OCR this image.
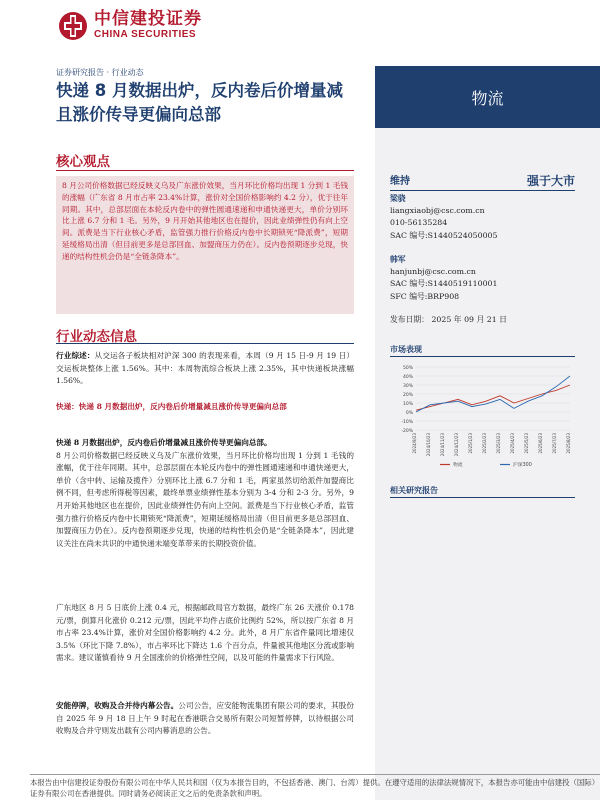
中信建投证券
CHINA SECURITIES
证券研究报告 · 行业动态
快递 8 月数据出炉，反内卷后价增量减且涨价传导更偏向总部
物流
核心观点
8 月公司价格数据已经反映义乌及广东涨价效果，当月环比价格均出现 1 分到 1 毛钱的涨幅（广东省 8 月市占率 23.4%计算，涨价对全国价格影响约 4.2 分），优于往年同期。其中，总部层面在本轮反内卷中的弹性圆通速递和申通快递更大，单价分别环比上涨 6.7 分和 1 毛。另外，9 月开始其他地区也在提价，因此业绩弹性仍有向上空间。派费是当下行业核心矛盾，监管强力推行价格反内卷中长期锁死“降派费”，短期延缓格局出清（但目前更多是总部回血、加盟商压力仍在）。反内卷预期逐步兑现，快递的结构性机会仍是“全链条降本”。
行业动态信息
行业综述：从交运各子板块相对沪深 300 的表现来看，本周（9 月 15 日-9 月 19 日）交运板块整体上涨 1.56%。其中：本周物流综合板块上涨 2.35%，其中快递板块涨幅 1.56%。
快递：快递 8 月数据出炉，反内卷后价增量减且涨价传导更偏向总部
快递 8 月数据出炉，反内卷后价增量减且涨价传导更偏向总部。
8 月公司价格数据已经反映义乌及广东涨价效果，当月环比价格均出现 1 分到 1 毛钱的涨幅，优于往年同期。其中，总部层面在本轮反内卷中的弹性圆通速递和申通快递更大，单价（含中转、运输及揽件）分别环比上涨 6.7 分和 1 毛，两家虽然切给派件加盟商比例不同，但考虑所得税等因素，最终单票业绩弹性基本分别为 3-4 分和 2-3 分。另外，9 月开始其他地区也在提价，因此业绩弹性仍有向上空间。派费是当下行业核心矛盾，监管强力推行价格反内卷中长期锁死“降派费”，短期延缓格局出清（但目前更多是总部回血、加盟商压力仍在）。反内卷预期逐步兑现，快递的结构性机会仍是“全链条降本”，因此建议关注在尚未共识的中通快递未端变革带来的长期投资价值。
广东地区 8 月 5 日底价上涨 0.4 元，根据邮政局官方数据，最终广东 26 天涨价 0.178 元/票，倒算月化涨价 0.212 元/票，因此平均件占底价比例约 52%，所以按广东省 8 月市占率 23.4%计算，涨价对全国价格影响约 4.2 分。此外，8 月广东省件量同比增速仅 3.5%（环比下降 7.8%），市占率环比下降达 1.6 个百分点，件量被其他地区分流或影响需求。建议谨慎看待 9 月全国涨价的价格弹性空间，以及可能的件量需求下行风险。
安能停牌，收购及合并待内幕公告。公司公告，应安能物流集团有限公司的要求，其股份自 2025 年 9 月 18 日上午 9 时起在香港联合交易所有限公司短暂停牌，以待根据公司收购及合并守则发出载有公司内幕消息的公告。
维持	强于大市
梁骁
liangxiaobj@csc.com.cn
010-56135284
SAC 编号:S1440524050005
韩军
hanjunbj@csc.com.cn
SAC 编号:S1440519110001
SFC 编号:BRP908
发布日期： 2025 年 09 月 21 日
市场表现
50%
40%
30%
20%
10%
0%
-10%
-20%
2024/9/23 2024/10/23 2024/11/23 2024/12/23 2025/1/23 2025/2/23 2025/3/23 2025/4/23 2025/5/23 2025/6/23 2025/7/23 2025/8/23
物流	沪深300
相关研究报告
本报告由中信建投证券股份有限公司在中华人民共和国（仅为本报告目的，不包括香港、澳门、台湾）提供。在遵守适用的法律法规情况下，本报告亦可能由中信建投（国际）证券有限公司在香港提供。同时请务必阅读正文之后的免责条款和声明。
